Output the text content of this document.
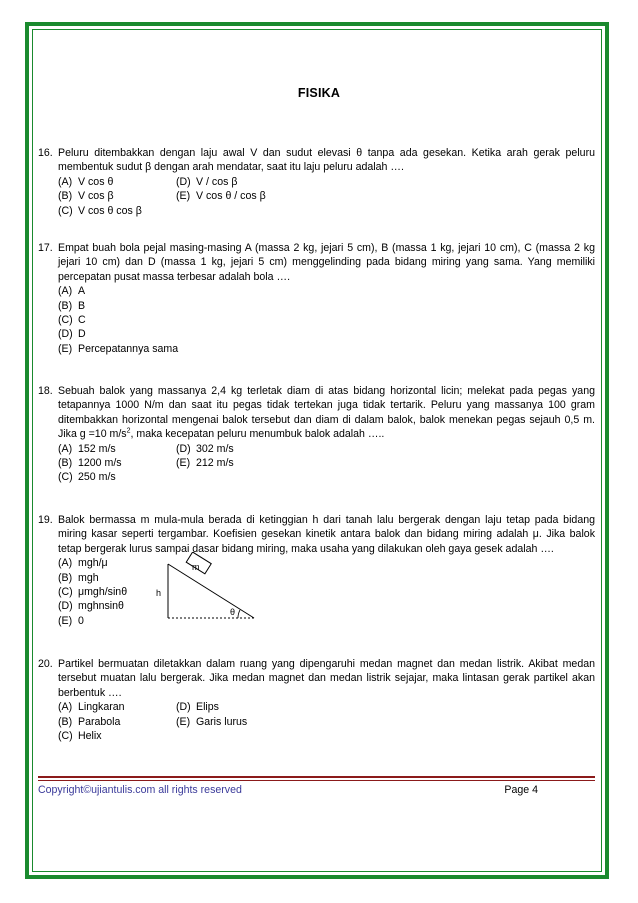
FISIKA
16. Peluru ditembakkan dengan laju awal V dan sudut elevasi θ tanpa ada gesekan. Ketika arah gerak peluru membentuk sudut β dengan arah mendatar, saat itu laju peluru adalah ….
(A) V cos θ	(D) V / cos β
(B) V cos β	(E) V cos θ / cos β
(C) V cos θ cos β
17. Empat buah bola pejal masing-masing A (massa 2 kg, jejari 5 cm), B (massa 1 kg, jejari 10 cm), C (massa 2 kg jejari 10 cm) dan D (massa 1 kg, jejari 5 cm) menggelinding pada bidang miring yang sama. Yang memiliki percepatan pusat massa terbesar adalah bola ….
(A) A
(B) B
(C) C
(D) D
(E) Percepatannya sama
18. Sebuah balok yang massanya 2,4 kg terletak diam di atas bidang horizontal licin; melekat pada pegas yang tetapannya 1000 N/m dan saat itu pegas tidak tertekan juga tidak tertarik. Peluru yang massanya 100 gram ditembakkan horizontal mengenai balok tersebut dan diam di dalam balok, balok menekan pegas sejauh 0,5 m. Jika g =10 $m/s^2$, maka kecepatan peluru menumbuk balok adalah …..
(A) 152 m/s	(D) 302 m/s
(B) 1200 m/s	(E) 212 m/s
(C) 250 m/s
19. Balok bermassa m mula-mula berada di ketinggian h dari tanah lalu bergerak dengan laju tetap pada bidang miring kasar seperti tergambar. Koefisien gesekan kinetik antara balok dan bidang miring adalah μ. Jika balok tetap bergerak lurus sampai dasar bidang miring, maka usaha yang dilakukan oleh gaya gesek adalah ….
(A) mgh/μ
(B) mgh
(C) μmgh/sinθ
(D) mghnsinθ
(E) 0
m
h
θ
20. Partikel bermuatan diletakkan dalam ruang yang dipengaruhi medan magnet dan medan listrik. Akibat medan tersebut muatan lalu bergerak. Jika medan magnet dan medan listrik sejajar, maka lintasan gerak partikel akan berbentuk ….
(A) Lingkaran	(D) Elips
(B) Parabola	(E) Garis lurus
(C) Helix
Copyright©ujiantulis.com all rights reserved	Page 4
